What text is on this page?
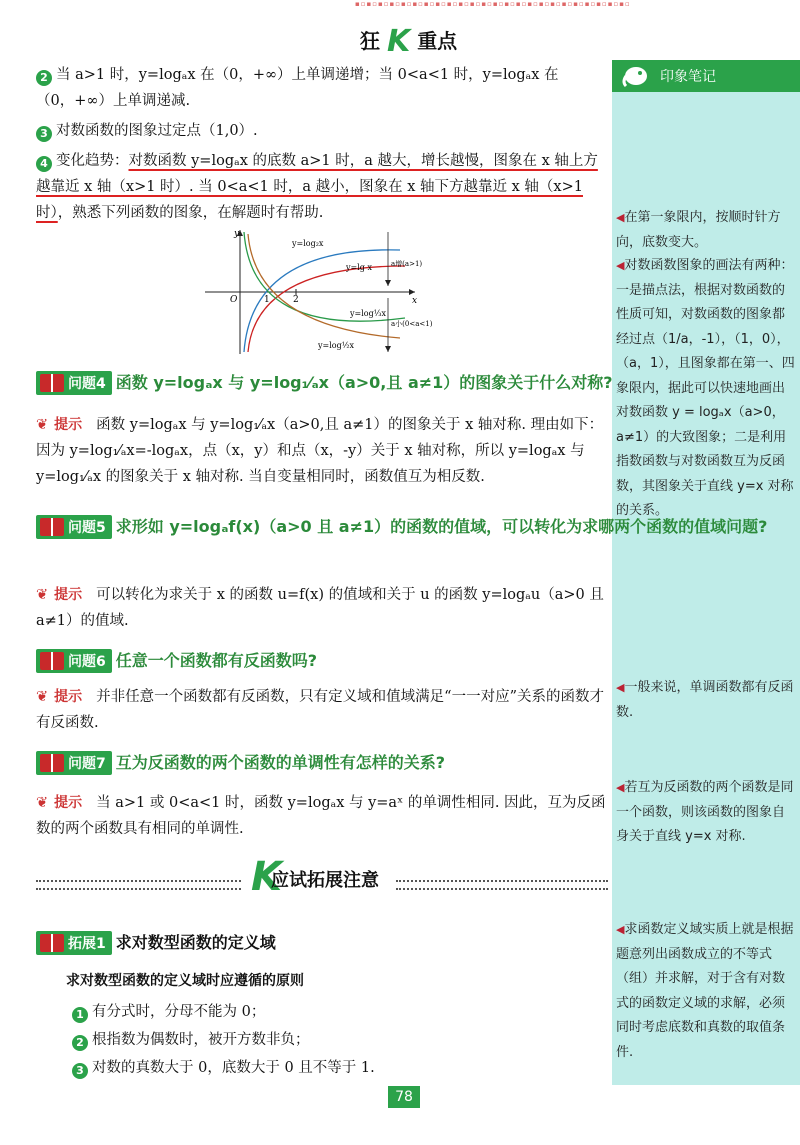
▪▫▪▫▪▫▪▫▪▫▪▫▪▫▪▫▪▫▪▫▪▫▪▫▪▫▪▫▪▫▪▫▪▫▪▫▪▫▪▫▪▫▪▫▪▫▪▫
狂 K 重点
印象笔记
◀在第一象限内，按顺时针方向，底数变大。
◀对数函数图象的画法有两种：一是描点法，根据对数函数的性质可知，对数函数的图象都经过点（1/a，-1），（1，0），（a，1），且图象都在第一、四象限内，据此可以快速地画出对数函数 y = logₐx（a>0，a≠1）的大致图象；二是利用指数函数与对数函数互为反函数，其图象关于直线 y=x 对称的关系。
◀一般来说，单调函数都有反函数.
◀若互为反函数的两个函数是同一个函数，则该函数的图象自身关于直线 y=x 对称.
◀求函数定义域实质上就是根据题意列出函数成立的不等式（组）并求解，对于含有对数式的函数定义域的求解，必须同时考虑底数和真数的取值条件.
2 当 a>1 时，y=logₐx 在（0，+∞）上单调递增；当 0<a<1 时，y=logₐx 在（0，+∞）上单调递减.
3 对数函数的图象过定点（1,0）.
4 变化趋势：对数函数 y=logₐx 的底数 a>1 时，a 越大，增长越慢，图象在 x 轴上方越靠近 x 轴（x>1 时）. 当 0<a<1 时，a 越小，图象在 x 轴下方越靠近 x 轴（x>1 时），熟悉下列函数的图象，在解题时有帮助.
y
x
O	1	2
y=log₂x
y=lg x	a增(a>1)
y=log⅓x
y=log½x
a小(0<a<1)
问题4 函数 y=logₐx 与 y=log₁⁄ₐx（a>0,且 a≠1）的图象关于什么对称?
❦ 提示 函数 y=logₐx 与 y=log₁⁄ₐx（a>0,且 a≠1）的图象关于 x 轴对称. 理由如下：因为 y=log₁⁄ₐx=-logₐx，点（x，y）和点（x，-y）关于 x 轴对称，所以 y=logₐx 与 y=log₁⁄ₐx 的图象关于 x 轴对称. 当自变量相同时，函数值互为相反数.
问题5 求形如 y=logₐf(x)（a>0 且 a≠1）的函数的值域，可以转化为求哪两个函数的值域问题?
❦ 提示 可以转化为求关于 x 的函数 u=f(x) 的值域和关于 u 的函数 y=logₐu（a>0 且 a≠1）的值域.
问题6 任意一个函数都有反函数吗?
❦ 提示 并非任意一个函数都有反函数，只有定义域和值域满足“一一对应”关系的函数才有反函数.
问题7 互为反函数的两个函数的单调性有怎样的关系?
❦ 提示 当 a>1 或 0<a<1 时，函数 y=logₐx 与 y=aˣ 的单调性相同. 因此，互为反函数的两个函数具有相同的单调性.
K
应试拓展注意
拓展1 求对数型函数的定义域
求对数型函数的定义域时应遵循的原则
1 有分式时，分母不能为 0；
2 根指数为偶数时，被开方数非负；
3 对数的真数大于 0，底数大于 0 且不等于 1.
78
